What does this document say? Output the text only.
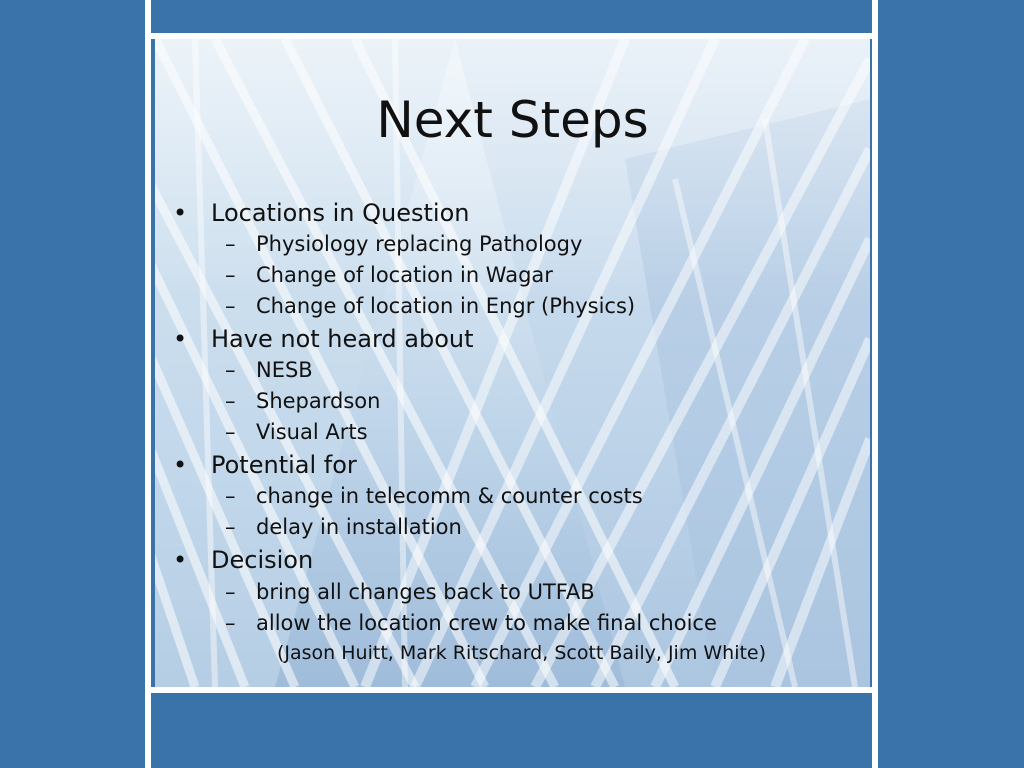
Next Steps
• Locations in Question
– Physiology replacing Pathology
– Change of location in Wagar
– Change of location in Engr (Physics)
• Have not heard about
– NESB
– Shepardson
– Visual Arts
• Potential for
– change in telecomm & counter costs
– delay in installation
• Decision
– bring all changes back to UTFAB
– allow the location crew to make final choice
(Jason Huitt, Mark Ritschard, Scott Baily, Jim White)
